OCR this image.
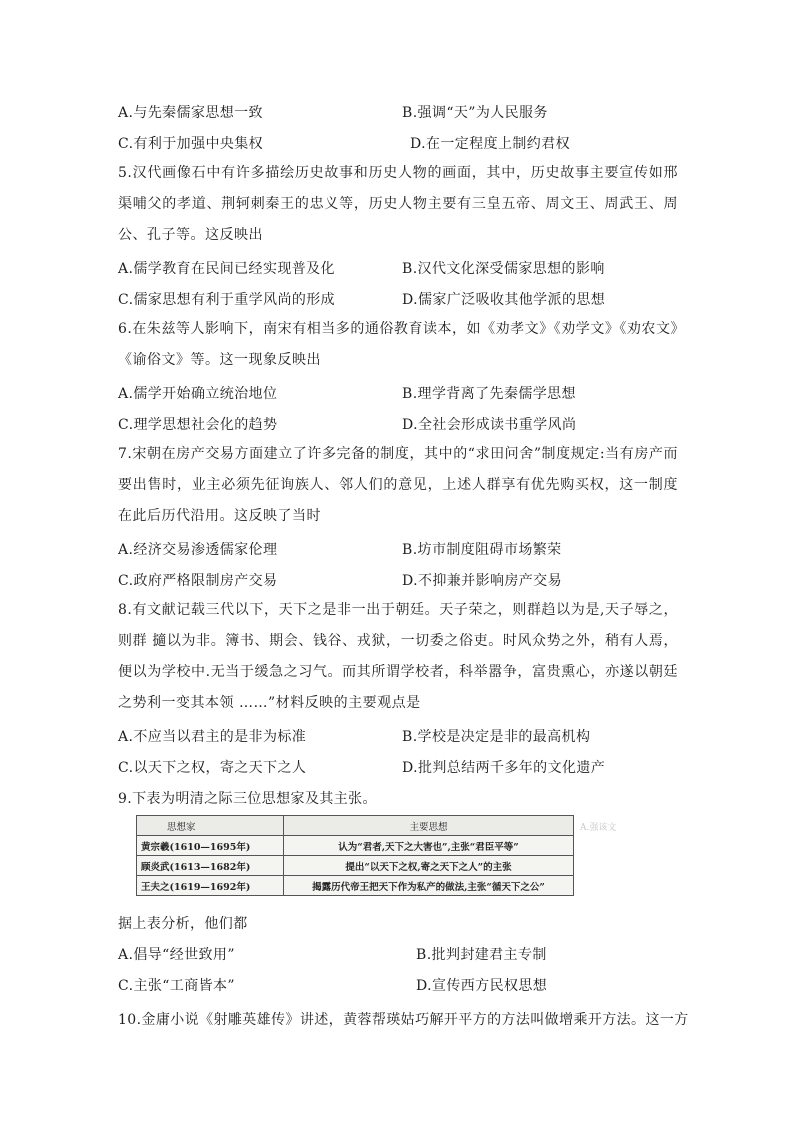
A.与先秦儒家思想一致	B.强调“天”为人民服务
C.有利于加强中央集权	D.在一定程度上制约君权
5.汉代画像石中有许多描绘历史故事和历史人物的画面，其中，历史故事主要宣传如邢渠哺父的孝道、荆轲刺秦王的忠义等，历史人物主要有三皇五帝、周文王、周武王、周公、孔子等。这反映出
A.儒学教育在民间已经实现普及化	B.汉代文化深受儒家思想的影响
C.儒家思想有利于重学风尚的形成	D.儒家广泛吸收其他学派的思想
6.在朱兹等人影响下，南宋有相当多的通俗教育读本，如《劝孝文》《劝学文》《劝农文》《谕俗文》等。这一现象反映出
A.儒学开始确立统治地位	B.理学背离了先秦儒学思想
C.理学思想社会化的趋势	D.全社会形成读书重学风尚
7.宋朝在房产交易方面建立了许多完备的制度，其中的“求田问舍”制度规定:当有房产而要出售时，业主必须先征询族人、邻人们的意见，上述人群享有优先购买权，这一制度在此后历代沿用。这反映了当时
A.经济交易渗透儒家伦理	B.坊市制度阻碍市场繁荣
C.政府严格限制房产交易	D.不抑兼并影响房产交易
8.有文献记载三代以下，天下之是非一出于朝廷。天子荣之，则群趋以为是,天子辱之，则群 擿以为非。簿书、期会、钱谷、戎狱，一切委之俗吏。时风众势之外，稍有人焉，便以为学校中.无当于缓急之习气。而其所谓学校者，科举嚣争，富贵熏心，亦遂以朝廷之势利一变其本领 ……”材料反映的主要观点是
A.不应当以君主的是非为标准	B.学校是决定是非的最高机构
C.以天下之权，寄之天下之人	D.批判总结两千多年的文化遗产
9.下表为明清之际三位思想家及其主张。
思想家	主要思想
黄宗羲(1610—1695年)	认为“君者,天下之大害也”,主张“君臣平等”
顾炎武(1613—1682年)	提出“以天下之权,寄之天下之人”的主张
王夫之(1619—1692年)	揭露历代帝王把天下作为私产的做法,主张“循天下之公”
A.强该文
据上表分析，他们都
A.倡导“经世致用”	B.批判封建君主专制
C.主张“工商皆本”	D.宣传西方民权思想
10.金庸小说《射雕英雄传》讲述，黄蓉帮瑛姑巧解开平方的方法叫做增乘开方法。这一方
